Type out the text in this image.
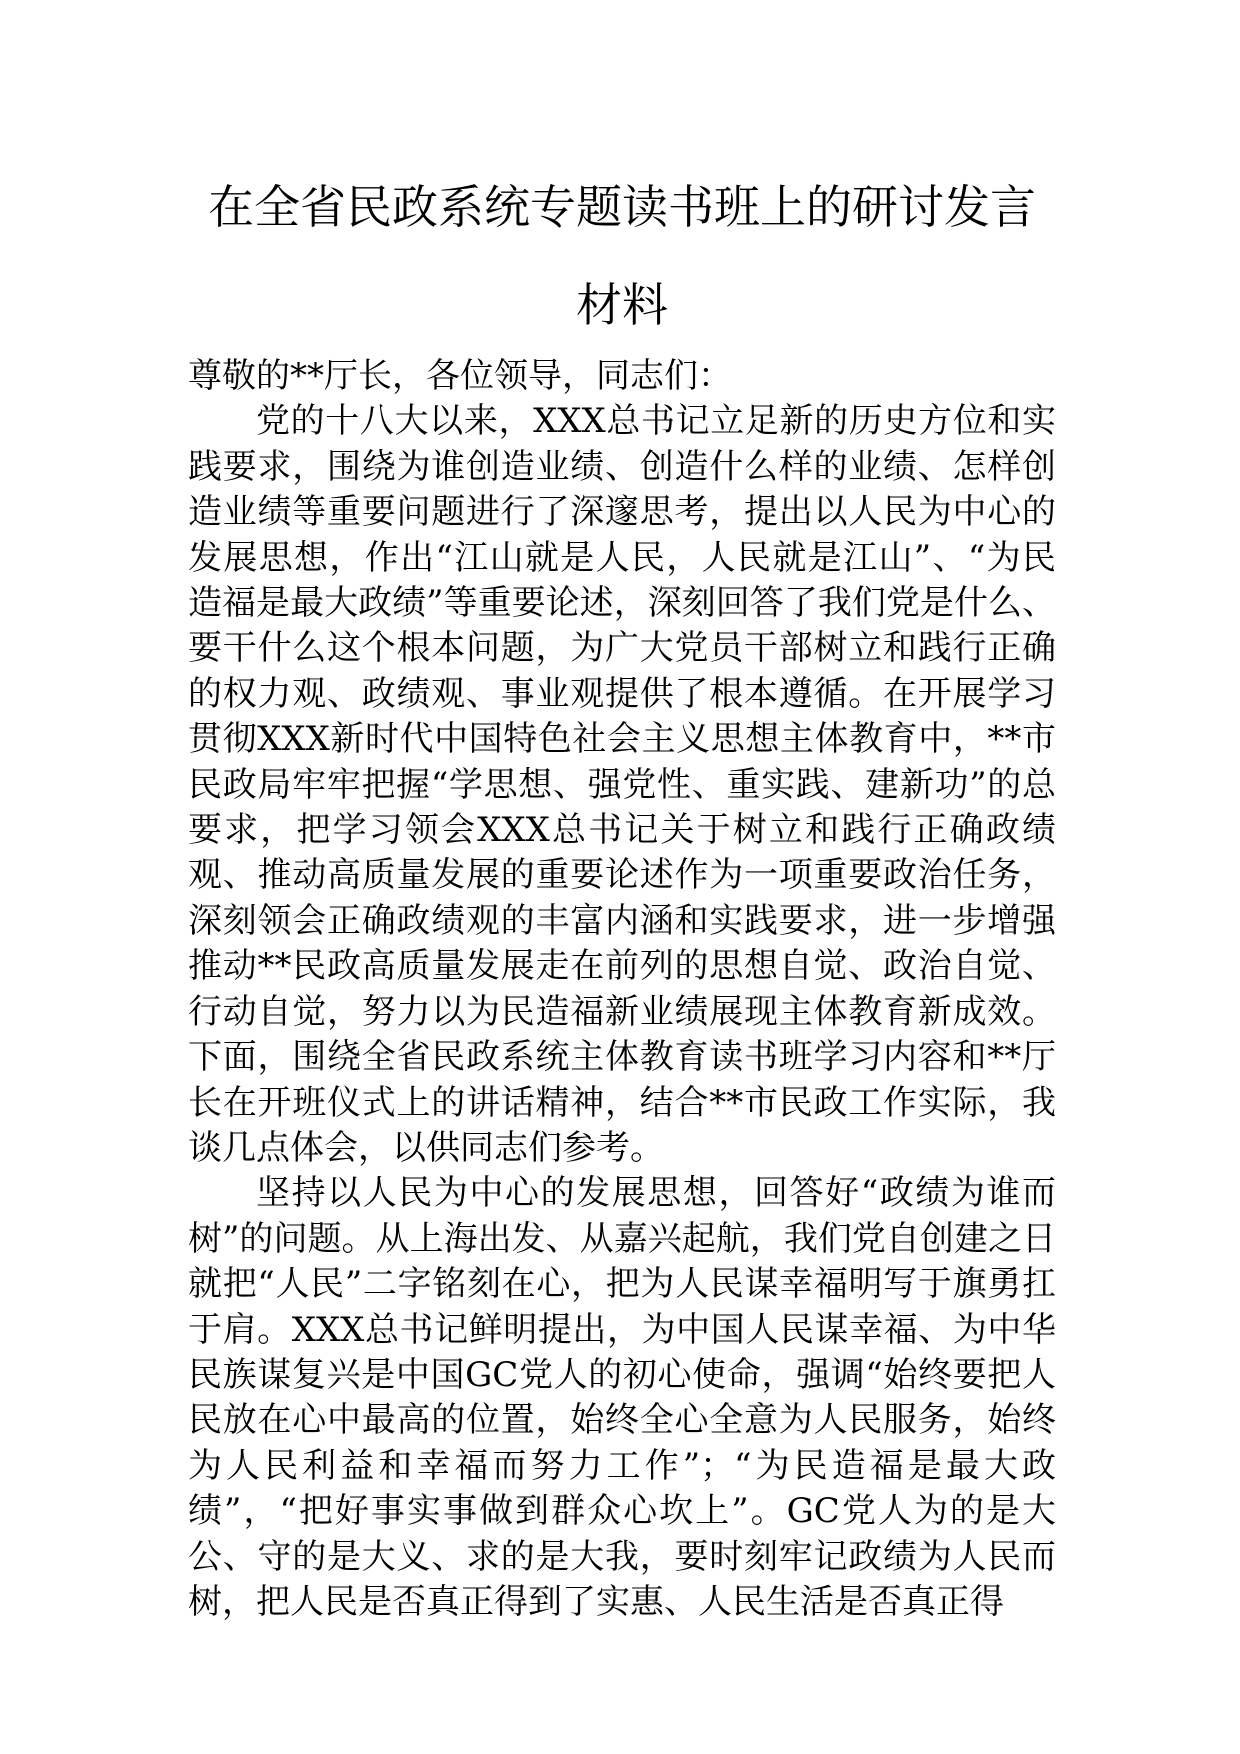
在全省民政系统专题读书班上的研讨发言
材料

尊敬的**厅长，各位领导，同志们：

党的十八大以来，XXX总书记立足新的历史方位和实践要求，围绕为谁创造业绩、创造什么样的业绩、怎样创造业绩等重要问题进行了深邃思考，提出以人民为中心的发展思想，作出“江山就是人民，人民就是江山”、“为民造福是最大政绩”等重要论述，深刻回答了我们党是什么、要干什么这个根本问题，为广大党员干部树立和践行正确的权力观、政绩观、事业观提供了根本遵循。在开展学习贯彻XXX新时代中国特色社会主义思想主体教育中，**市民政局牢牢把握“学思想、强党性、重实践、建新功”的总要求，把学习领会XXX总书记关于树立和践行正确政绩观、推动高质量发展的重要论述作为一项重要政治任务，深刻领会正确政绩观的丰富内涵和实践要求，进一步增强推动**民政高质量发展走在前列的思想自觉、政治自觉、行动自觉，努力以为民造福新业绩展现主体教育新成效。下面，围绕全省民政系统主体教育读书班学习内容和**厅长在开班仪式上的讲话精神，结合**市民政工作实际，我谈几点体会，以供同志们参考。

坚持以人民为中心的发展思想，回答好“政绩为谁而树”的问题。从上海出发、从嘉兴起航，我们党自创建之日就把“人民”二字铭刻在心，把为人民谋幸福明写于旗勇扛于肩。XXX总书记鲜明提出，为中国人民谋幸福、为中华民族谋复兴是中国GC党人的初心使命，强调“始终要把人民放在心中最高的位置，始终全心全意为人民服务，始终为人民利益和幸福而努力工作”；“为民造福是最大政绩”，“把好事实事做到群众心坎上”。GC党人为的是大公、守的是大义、求的是大我，要时刻牢记政绩为人民而树，把人民是否真正得到了实惠、人民生活是否真正得
